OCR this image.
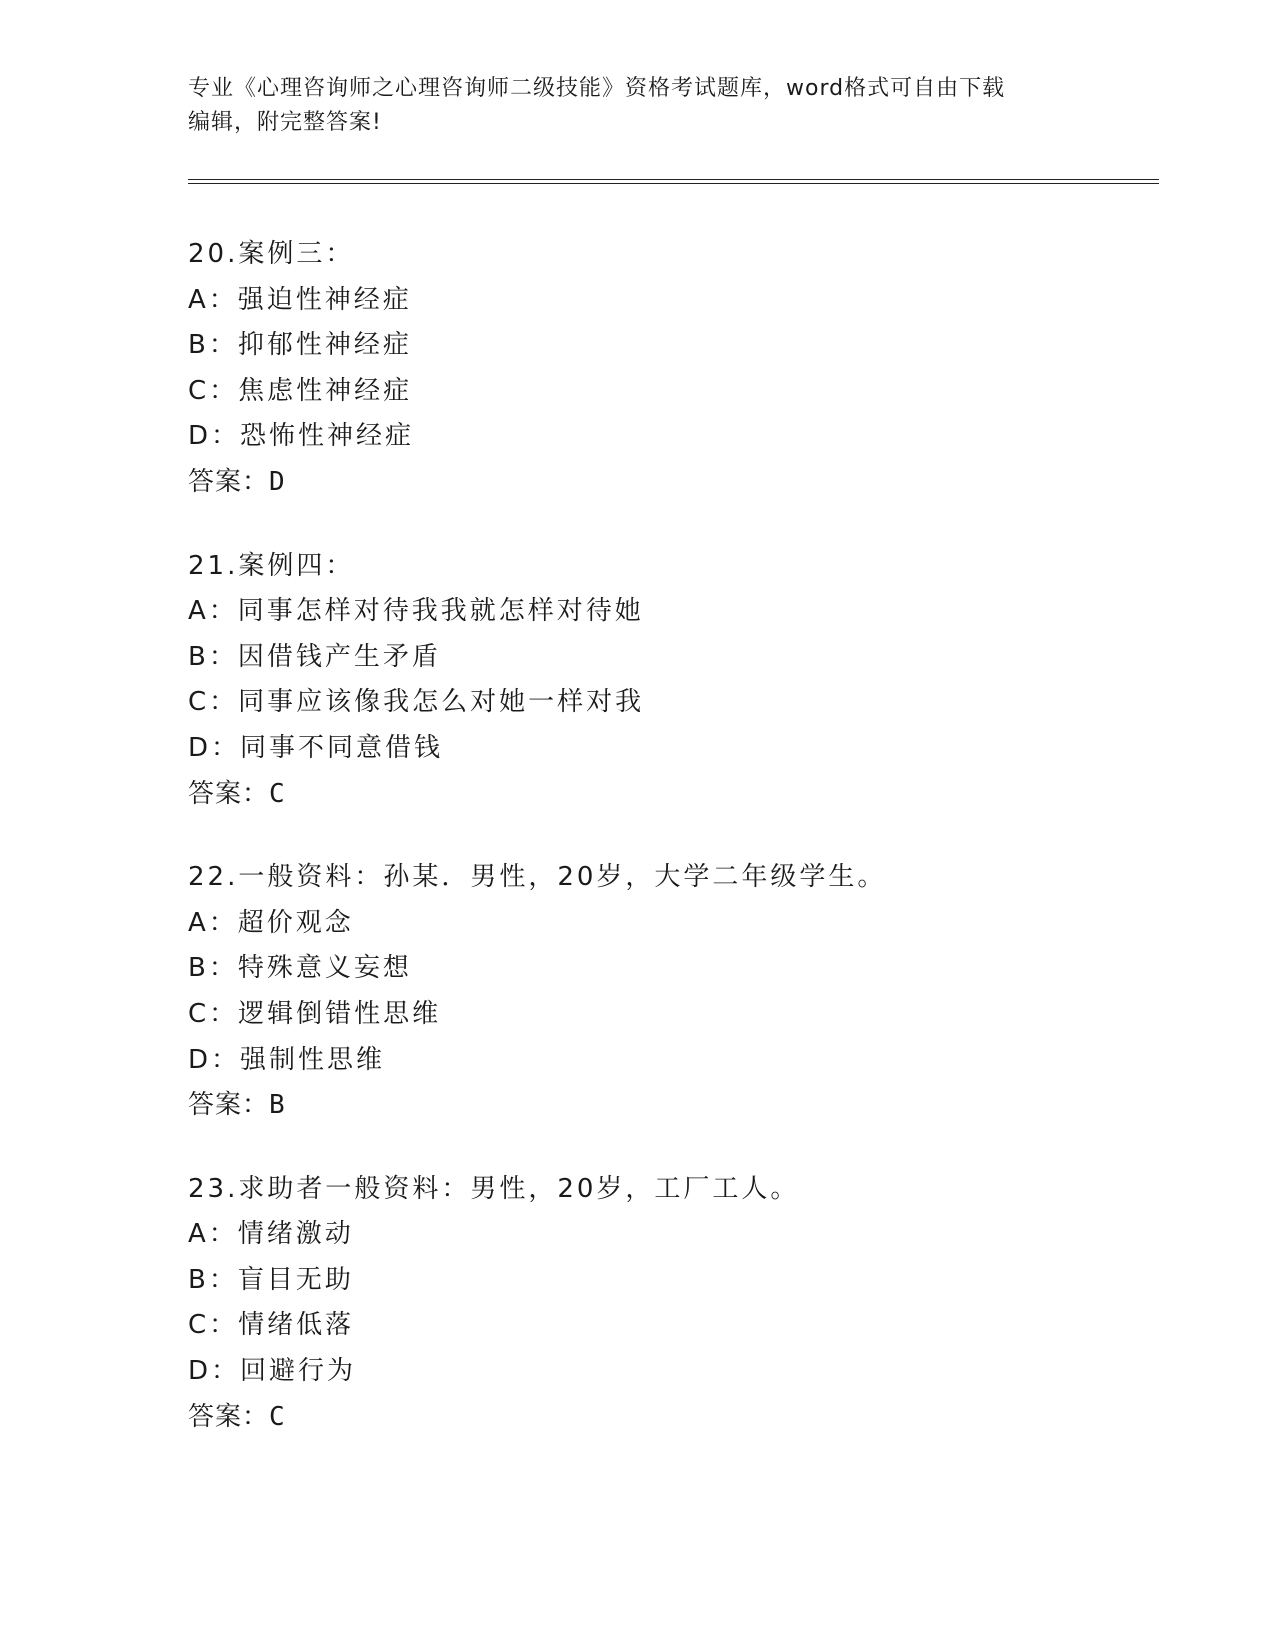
专业《心理咨询师之心理咨询师二级技能》资格考试题库，word格式可自由下载
编辑，附完整答案!
20.案例三：
A：强迫性神经症
B：抑郁性神经症
C：焦虑性神经症
D：恐怖性神经症
答案：D
21.案例四：
A：同事怎样对待我我就怎样对待她
B：因借钱产生矛盾
C：同事应该像我怎么对她一样对我
D：同事不同意借钱
答案：C
22.一般资料：孙某．男性，20岁，大学二年级学生。
A：超价观念
B：特殊意义妄想
C：逻辑倒错性思维
D：强制性思维
答案：B
23.求助者一般资料：男性，20岁，工厂工人。
A：情绪激动
B：盲目无助
C：情绪低落
D：回避行为
答案：C
